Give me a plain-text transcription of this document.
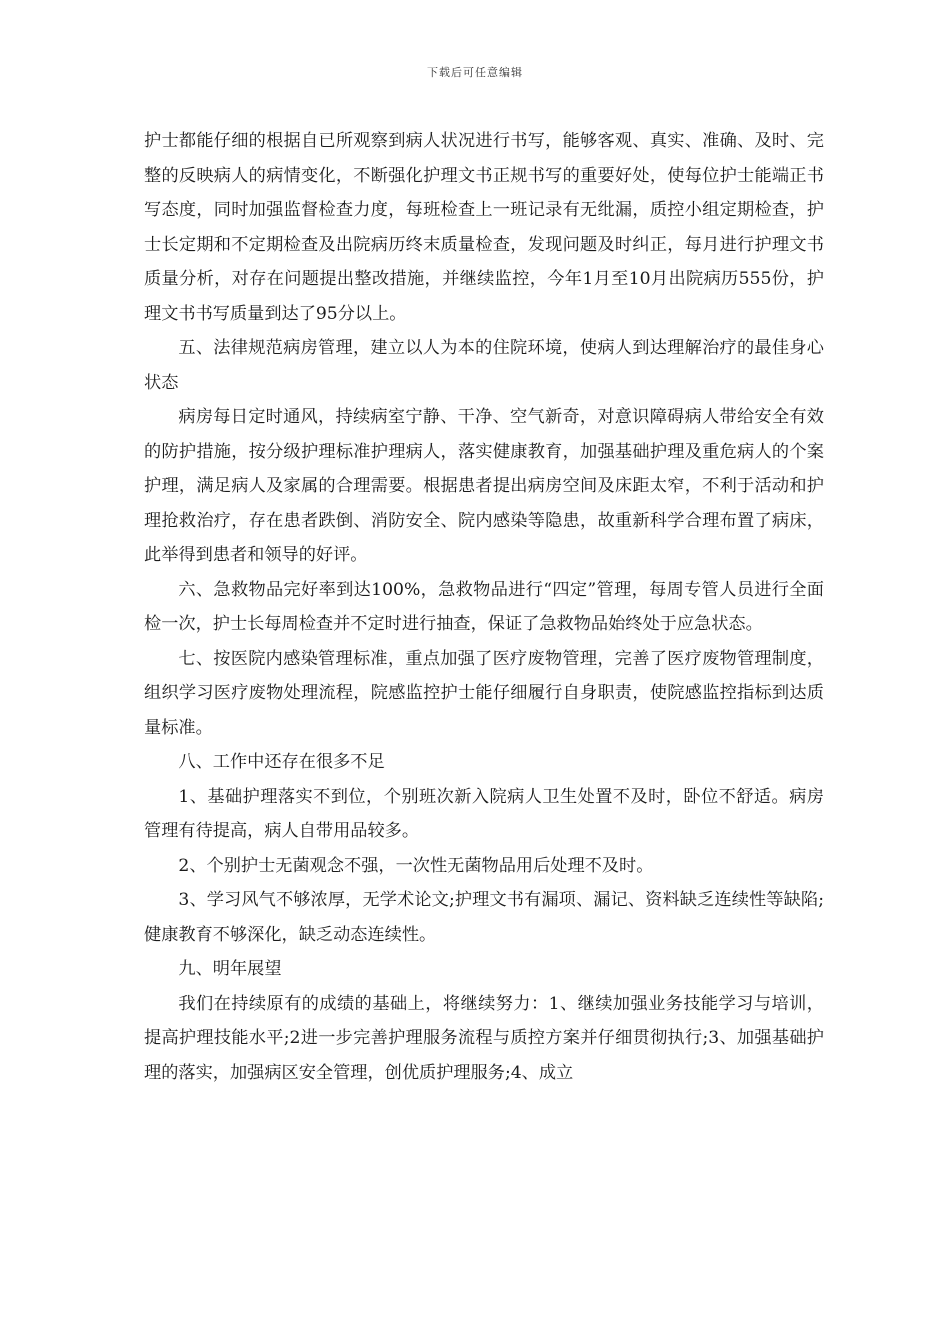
下载后可任意编辑

护士都能仔细的根据自已所观察到病人状况进行书写，能够客观、真实、准确、及时、完整的反映病人的病情变化，不断强化护理文书正规书写的重要好处，使每位护士能端正书写态度，同时加强监督检查力度，每班检查上一班记录有无纰漏，质控小组定期检查，护士长定期和不定期检查及出院病历终末质量检查，发现问题及时纠正，每月进行护理文书质量分析，对存在问题提出整改措施，并继续监控，今年1月至10月出院病历555份，护理文书书写质量到达了95分以上。

五、法律规范病房管理，建立以人为本的住院环境，使病人到达理解治疗的最佳身心状态

病房每日定时通风，持续病室宁静、干净、空气新奇，对意识障碍病人带给安全有效的防护措施，按分级护理标准护理病人，落实健康教育，加强基础护理及重危病人的个案护理，满足病人及家属的合理需要。根据患者提出病房空间及床距太窄，不利于活动和护理抢救治疗，存在患者跌倒、消防安全、院内感染等隐患，故重新科学合理布置了病床，此举得到患者和领导的好评。

六、急救物品完好率到达100%，急救物品进行“四定”管理，每周专管人员进行全面检一次，护士长每周检查并不定时进行抽查，保证了急救物品始终处于应急状态。

七、按医院内感染管理标准，重点加强了医疗废物管理，完善了医疗废物管理制度，组织学习医疗废物处理流程，院感监控护士能仔细履行自身职责，使院感监控指标到达质量标准。

八、工作中还存在很多不足

1、基础护理落实不到位，个别班次新入院病人卫生处置不及时，卧位不舒适。病房管理有待提高，病人自带用品较多。

2、个别护士无菌观念不强，一次性无菌物品用后处理不及时。

3、学习风气不够浓厚，无学术论文;护理文书有漏项、漏记、资料缺乏连续性等缺陷;健康教育不够深化，缺乏动态连续性。

九、明年展望

我们在持续原有的成绩的基础上，将继续努力：1、继续加强业务技能学习与培训，提高护理技能水平;2进一步完善护理服务流程与质控方案并仔细贯彻执行;3、加强基础护理的落实，加强病区安全管理，创优质护理服务;4、成立
